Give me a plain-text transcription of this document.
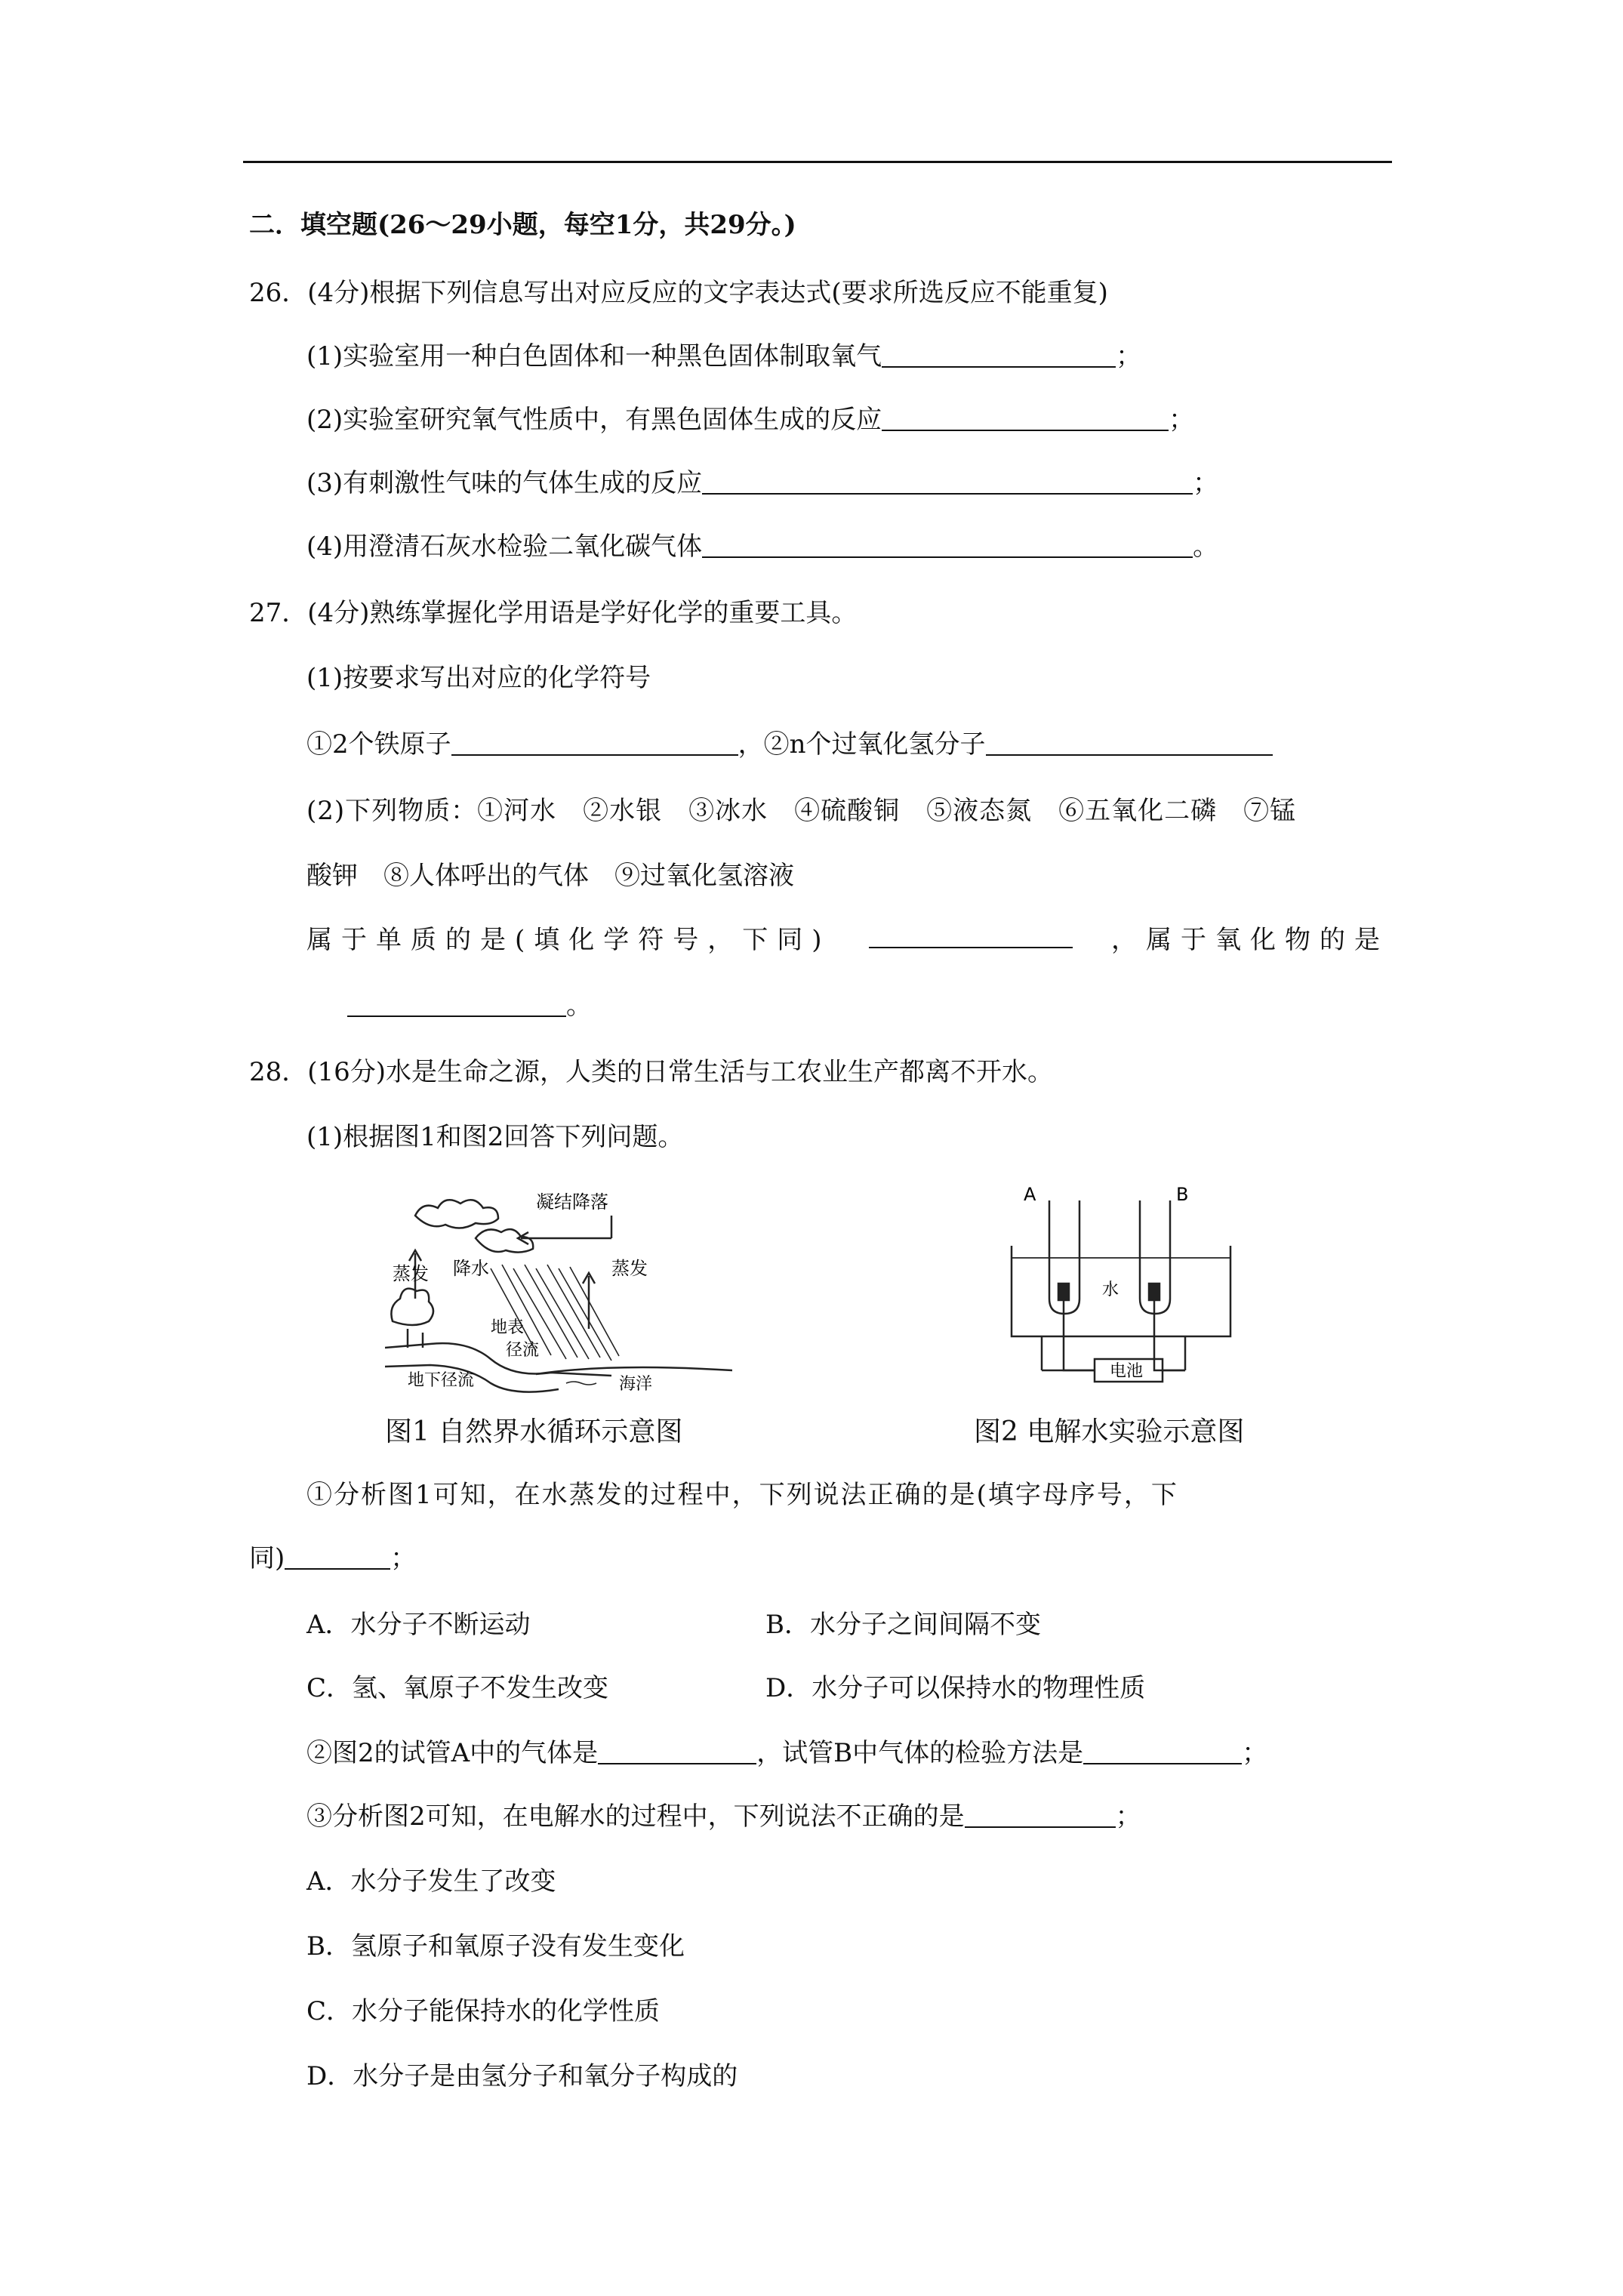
二．填空题(26～29小题，每空1分，共29分。)
26．(4分)根据下列信息写出对应反应的文字表达式(要求所选反应不能重复)
(1)实验室用一种白色固体和一种黑色固体制取氧气	；
(2)实验室研究氧气性质中，有黑色固体生成的反应	；
(3)有刺激性气味的气体生成的反应	；
(4)用澄清石灰水检验二氧化碳气体	。
27．(4分)熟练掌握化学用语是学好化学的重要工具。
(1)按要求写出对应的化学符号
①2个铁原子	，②n个过氧化氢分子
(2)下列物质：①河水　②水银　③冰水　④硫酸铜　⑤液态氮　⑥五氧化二磷　⑦锰
酸钾　⑧人体呼出的气体　⑨过氧化氢溶液
属于单质的是(填化学符号，下同)	，属于氧化物的是
。
28．(16分)水是生命之源，人类的日常生活与工农业生产都离不开水。
(1)根据图1和图2回答下列问题。
凝结降落
蒸发 降水	蒸发
地表
径流
地下径流	海洋
A	B
水
电池
图1 自然界水循环示意图	图2 电解水实验示意图
①分析图1可知，在水蒸发的过程中，下列说法正确的是(填字母序号，下
同)	；
A．水分子不断运动	B．水分子之间间隔不变
C．氢、氧原子不发生改变	D．水分子可以保持水的物理性质
②图2的试管A中的气体是	，试管B中气体的检验方法是	；
③分析图2可知，在电解水的过程中，下列说法不正确的是	；
A．水分子发生了改变
B．氢原子和氧原子没有发生变化
C．水分子能保持水的化学性质
D．水分子是由氢分子和氧分子构成的
